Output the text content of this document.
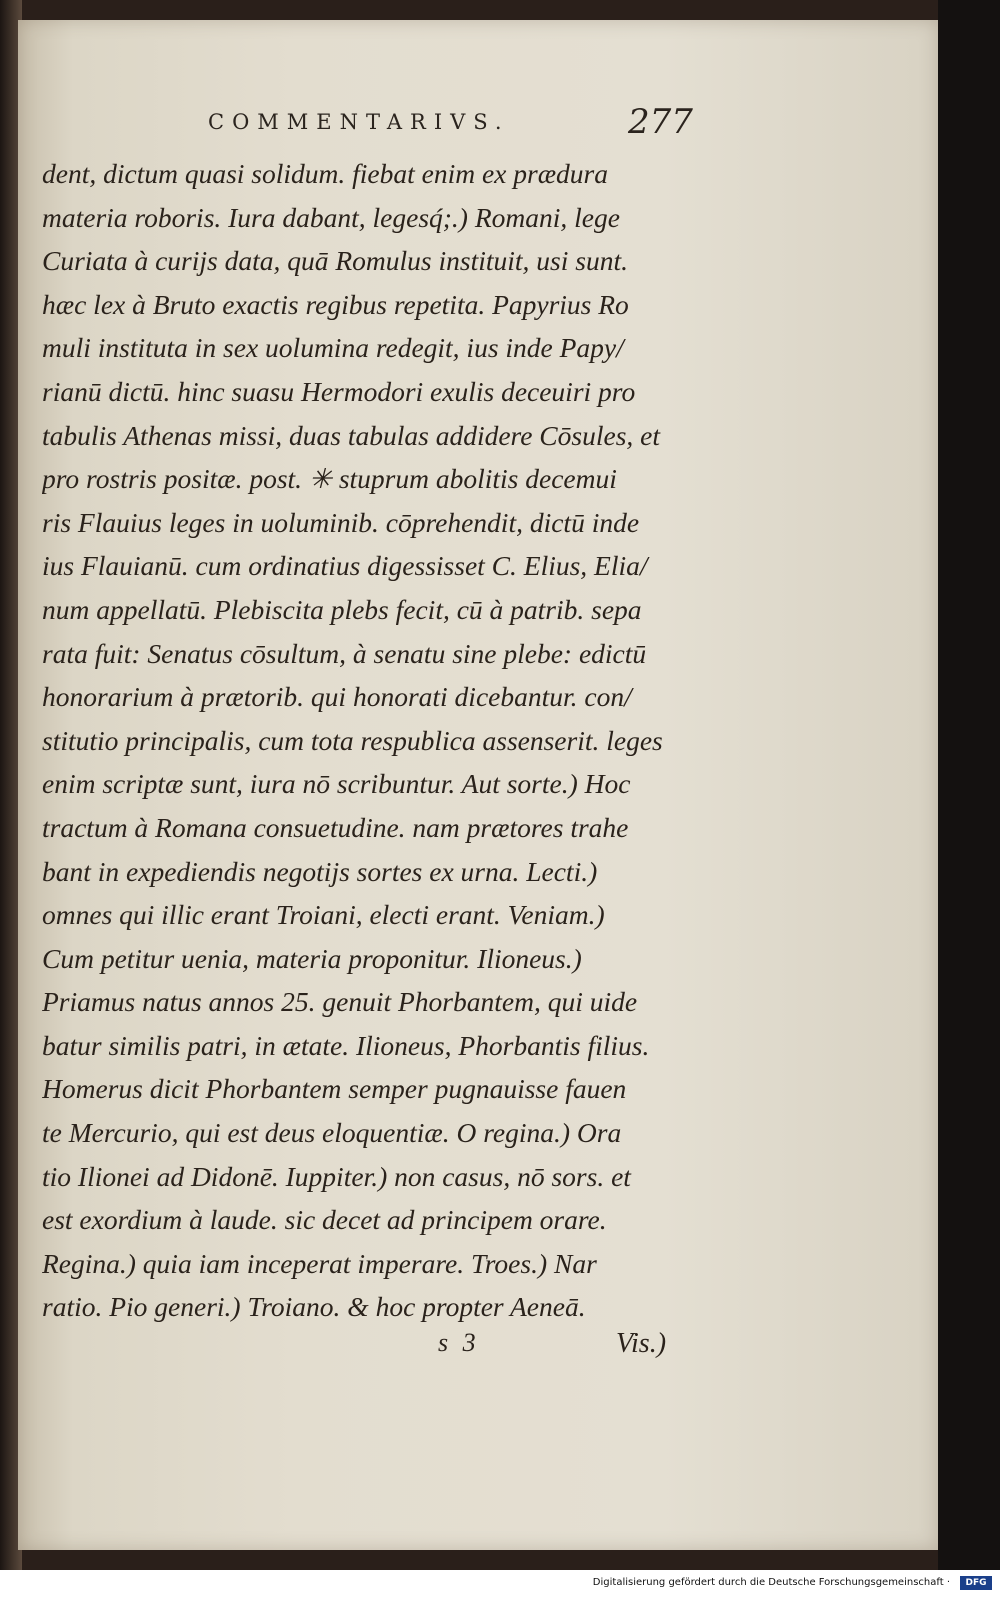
COMMENTARIVS.	277
dent, dictum quasi solidum. fiebat enim ex prædura
materia roboris. Iura dabant, legesq́;.) Romani, lege
Curiata à curijs data, quā Romulus instituit, usi sunt.
hæc lex à Bruto exactis regibus repetita. Papyrius Ro
muli instituta in sex uolumina redegit, ius inde Papy/
rianū dictū. hinc suasu Hermodori exulis deceuiri pro
tabulis Athenas missi, duas tabulas addidere Cōsules, et
pro rostris positæ. post. ✳ stuprum abolitis decemui
ris Flauius leges in uoluminib. cōprehendit, dictū inde
ius Flauianū. cum ordinatius digessisset C. Elius, Elia/
num appellatū. Plebiscita plebs fecit, cū à patrib. sepa
rata fuit: Senatus cōsultum, à senatu sine plebe: edictū
honorarium à prætorib. qui honorati dicebantur. con/
stitutio principalis, cum tota respublica assenserit. leges
enim scriptæ sunt, iura nō scribuntur. Aut sorte.) Hoc
tractum à Romana consuetudine. nam prætores trahe
bant in expediendis negotijs sortes ex urna. Lecti.)
omnes qui illic erant Troiani, electi erant. Veniam.)
Cum petitur uenia, materia proponitur. Ilioneus.)
Priamus natus annos 25. genuit Phorbantem, qui uide
batur similis patri, in ætate. Ilioneus, Phorbantis filius.
Homerus dicit Phorbantem semper pugnauisse fauen
te Mercurio, qui est deus eloquentiæ. O regina.) Ora
tio Ilionei ad Didonē. Iuppiter.) non casus, nō sors. et
est exordium à laude. sic decet ad principem orare.
Regina.) quia iam inceperat imperare. Troes.) Nar
ratio. Pio generi.) Troiano. & hoc propter Aeneā.
s 3	Vis.)
Digitalisierung gefördert durch die Deutsche Forschungsgemeinschaft ·	DFG
